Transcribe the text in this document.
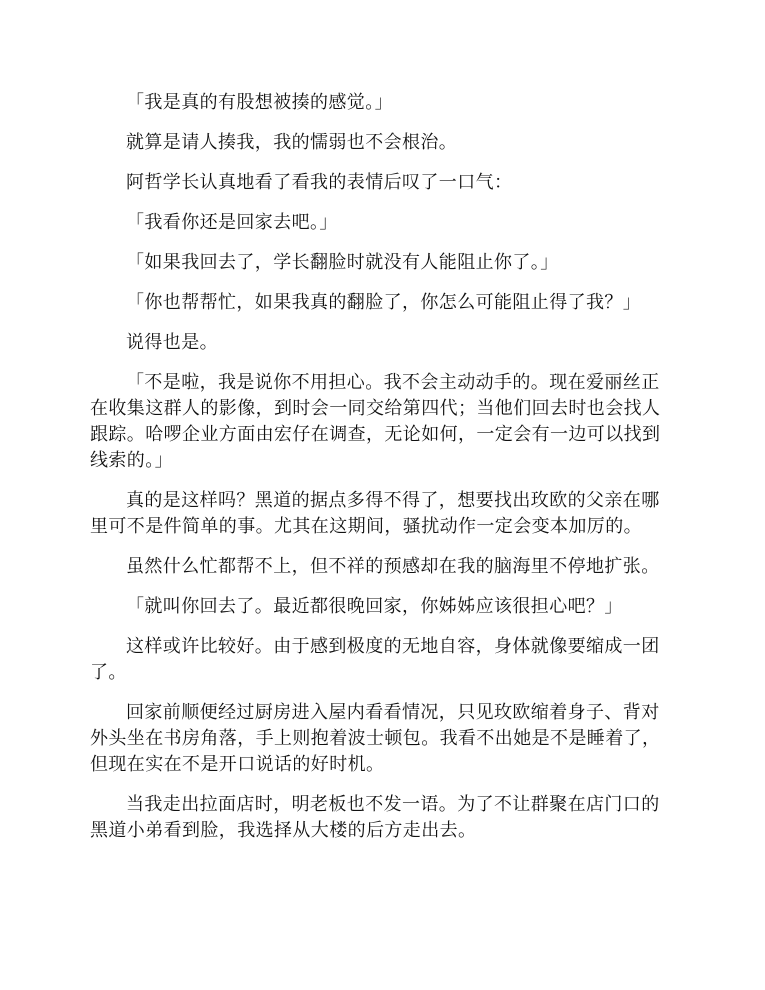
「我是真的有股想被揍的感觉。」

就算是请人揍我，我的懦弱也不会根治。

阿哲学长认真地看了看我的表情后叹了一口气：

「我看你还是回家去吧。」

「如果我回去了，学长翻脸时就没有人能阻止你了。」

「你也帮帮忙，如果我真的翻脸了，你怎么可能阻止得了我？」

说得也是。

「不是啦，我是说你不用担心。我不会主动动手的。现在爱丽丝正在收集这群人的影像，到时会一同交给第四代；当他们回去时也会找人跟踪。哈啰企业方面由宏仔在调查，无论如何，一定会有一边可以找到线索的。」

真的是这样吗？黑道的据点多得不得了，想要找出玫欧的父亲在哪里可不是件简单的事。尤其在这期间，骚扰动作一定会变本加厉的。

虽然什么忙都帮不上，但不祥的预感却在我的脑海里不停地扩张。

「就叫你回去了。最近都很晚回家，你姊姊应该很担心吧？」

这样或许比较好。由于感到极度的无地自容，身体就像要缩成一团了。

回家前顺便经过厨房进入屋内看看情况，只见玫欧缩着身子、背对外头坐在书房角落，手上则抱着波士顿包。我看不出她是不是睡着了，但现在实在不是开口说话的好时机。

当我走出拉面店时，明老板也不发一语。为了不让群聚在店门口的黑道小弟看到脸，我选择从大楼的后方走出去。
